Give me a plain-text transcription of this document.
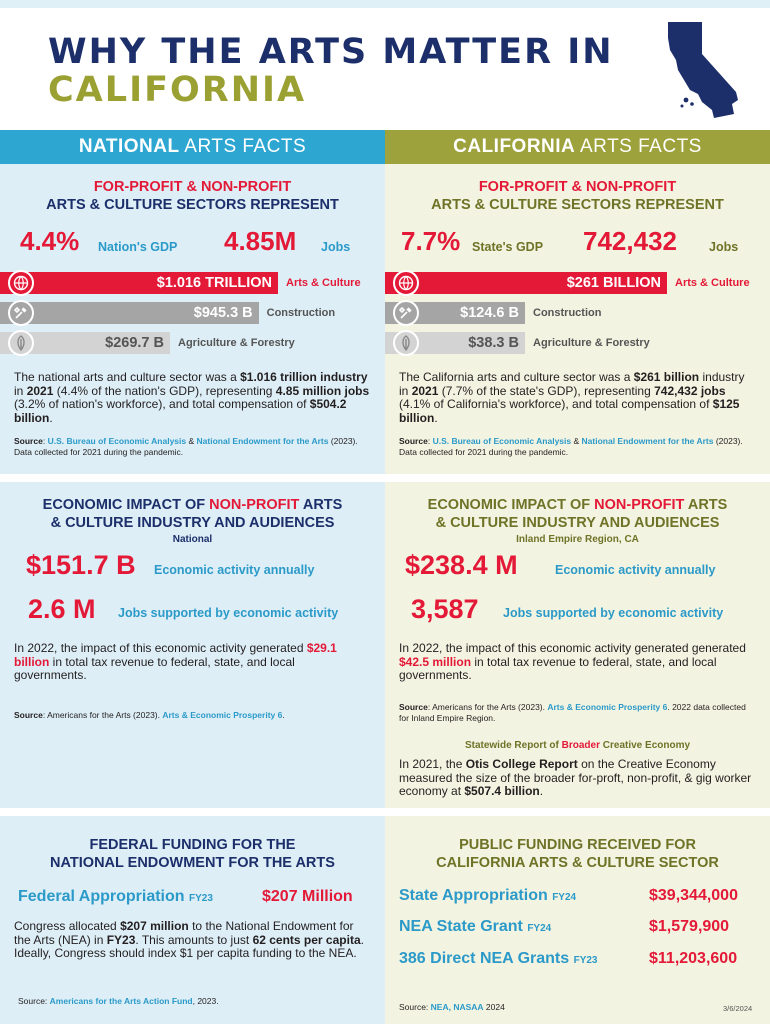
WHY THE ARTS MATTER IN
CALIFORNIA
NATIONAL ARTS FACTS
FOR-PROFIT & NON-PROFIT
ARTS & CULTURE SECTORS REPRESENT
4.4% Nation's GDP 4.85M Jobs
$1.016 TRILLION	Arts & Culture
$945.3 B	Construction
$269.7 B	Agriculture & Forestry
The national arts and culture sector was a $1.016 trillion industry in 2021 (4.4% of the nation's GDP), representing 4.85 million jobs (3.2% of nation's workforce), and total compensation of $504.2 billion.
Source: U.S. Bureau of Economic Analysis & National Endowment for the Arts (2023). Data collected for 2021 during the pandemic.
ECONOMIC IMPACT OF NON-PROFIT ARTS
& CULTURE INDUSTRY AND AUDIENCES
National
$151.7 B Economic activity annually
2.6 M Jobs supported by economic activity
In 2022, the impact of this economic activity generated $29.1 billion in total tax revenue to federal, state, and local governments.
Source: Americans for the Arts (2023). Arts & Economic Prosperity 6.
FEDERAL FUNDING FOR THE
NATIONAL ENDOWMENT FOR THE ARTS
Federal Appropriation FY23	$207 Million
Congress allocated $207 million to the National Endowment for the Arts (NEA) in FY23. This amounts to just 62 cents per capita. Ideally, Congress should index $1 per capita funding to the NEA.
Source: Americans for the Arts Action Fund, 2023.
CALIFORNIA ARTS FACTS
FOR-PROFIT & NON-PROFIT
ARTS & CULTURE SECTORS REPRESENT
7.7% State's GDP 742,432	Jobs
$261 BILLION	Arts & Culture
$124.6 B	Construction
$38.3 B	Agriculture & Forestry
The California arts and culture sector was a $261 billion industry in 2021 (7.7% of the state's GDP), representing 742,432 jobs (4.1% of California's workforce), and total compensation of $125 billion.
Source: U.S. Bureau of Economic Analysis & National Endowment for the Arts (2023). Data collected for 2021 during the pandemic.
ECONOMIC IMPACT OF NON-PROFIT ARTS
& CULTURE INDUSTRY AND AUDIENCES
Inland Empire Region, CA
$238.4 M	Economic activity annually
3,587 Jobs supported by economic activity
In 2022, the impact of this economic activity generated generated $42.5 million in total tax revenue to federal, state, and local governments.
Source: Americans for the Arts (2023). Arts & Economic Prosperity 6. 2022 data collected for Inland Empire Region.
Statewide Report of Broader Creative Economy
In 2021, the Otis College Report on the Creative Economy measured the size of the broader for-proft, non-profit, & gig worker economy at $507.4 billion.
PUBLIC FUNDING RECEIVED FOR
CALIFORNIA ARTS & CULTURE SECTOR
State Appropriation FY24	$39,344,000
NEA State Grant FY24	$1,579,900
386 Direct NEA Grants FY23	$11,203,600
Source: NEA, NASAA 2024	3/6/2024
